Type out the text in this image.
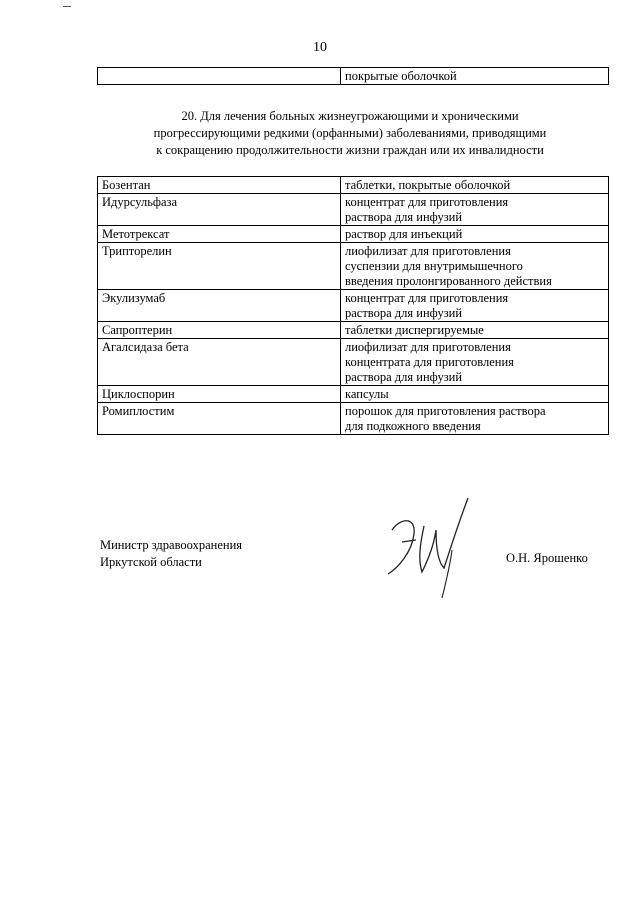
10
	покрытые оболочкой
20. Для лечения больных жизнеугрожающими и хроническими
прогрессирующими редкими (орфанными) заболеваниями, приводящими
к сокращению продолжительности жизни граждан или их инвалидности
Бозентан	таблетки, покрытые оболочкой

Идурсульфаза	концентрат для приготовления
раствора для инфузий

Метотрексат	раствор для инъекций

Трипторелин	лиофилизат для приготовления
суспензии для внутримышечного
введения пролонгированного действия

Экулизумаб	концентрат для приготовления
раствора для инфузий

Сапроптерин	таблетки диспергируемые

Агалсидаза бета	лиофилизат для приготовления
концентрата для приготовления
раствора для инфузий

Циклоспорин	капсулы

Ромиплостим	порошок для приготовления раствора
для подкожного введения
Министр здравоохранения
Иркутской области	О.Н. Ярошенко
